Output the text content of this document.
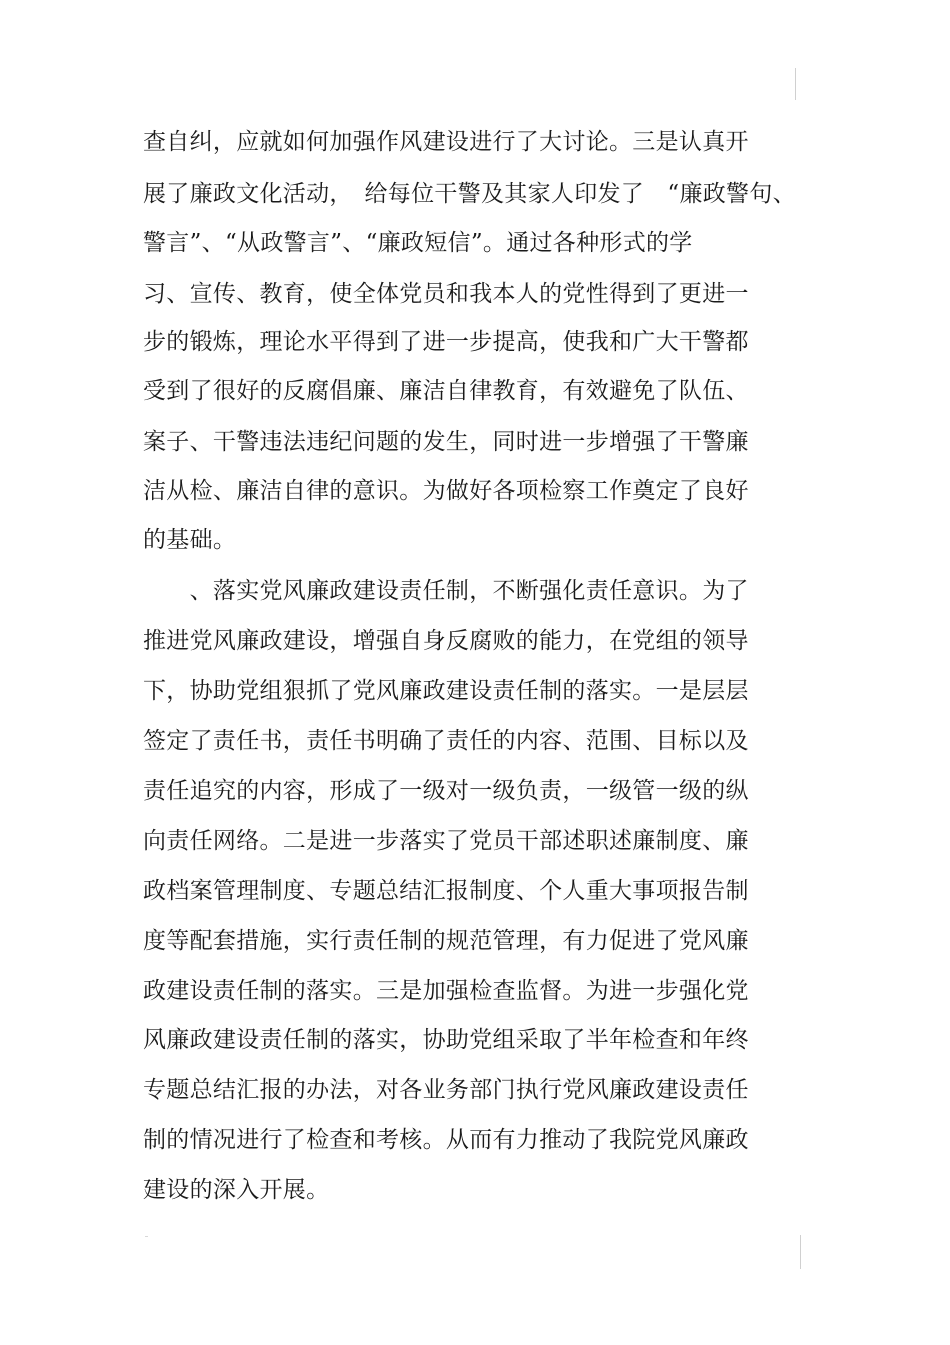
查自纠，应就如何加强作风建设进行了大讨论。三是认真开
展了廉政文化活动，　给每位干警及其家人印发了　“廉政警句、
警言”、“从政警言”、“廉政短信”。通过各种形式的学
习、宣传、教育，使全体党员和我本人的党性得到了更进一
步的锻炼，理论水平得到了进一步提高，使我和广大干警都
受到了很好的反腐倡廉、廉洁自律教育，有效避免了队伍、
案子、干警违法违纪问题的发生，同时进一步增强了干警廉
洁从检、廉洁自律的意识。为做好各项检察工作奠定了良好
的基础。
　　、落实党风廉政建设责任制，不断强化责任意识。为了
推进党风廉政建设，增强自身反腐败的能力，在党组的领导
下，协助党组狠抓了党风廉政建设责任制的落实。一是层层
签定了责任书，责任书明确了责任的内容、范围、目标以及
责任追究的内容，形成了一级对一级负责，一级管一级的纵
向责任网络。二是进一步落实了党员干部述职述廉制度、廉
政档案管理制度、专题总结汇报制度、个人重大事项报告制
度等配套措施，实行责任制的规范管理，有力促进了党风廉
政建设责任制的落实。三是加强检查监督。为进一步强化党
风廉政建设责任制的落实，协助党组采取了半年检查和年终
专题总结汇报的办法，对各业务部门执行党风廉政建设责任
制的情况进行了检查和考核。从而有力推动了我院党风廉政
建设的深入开展。
